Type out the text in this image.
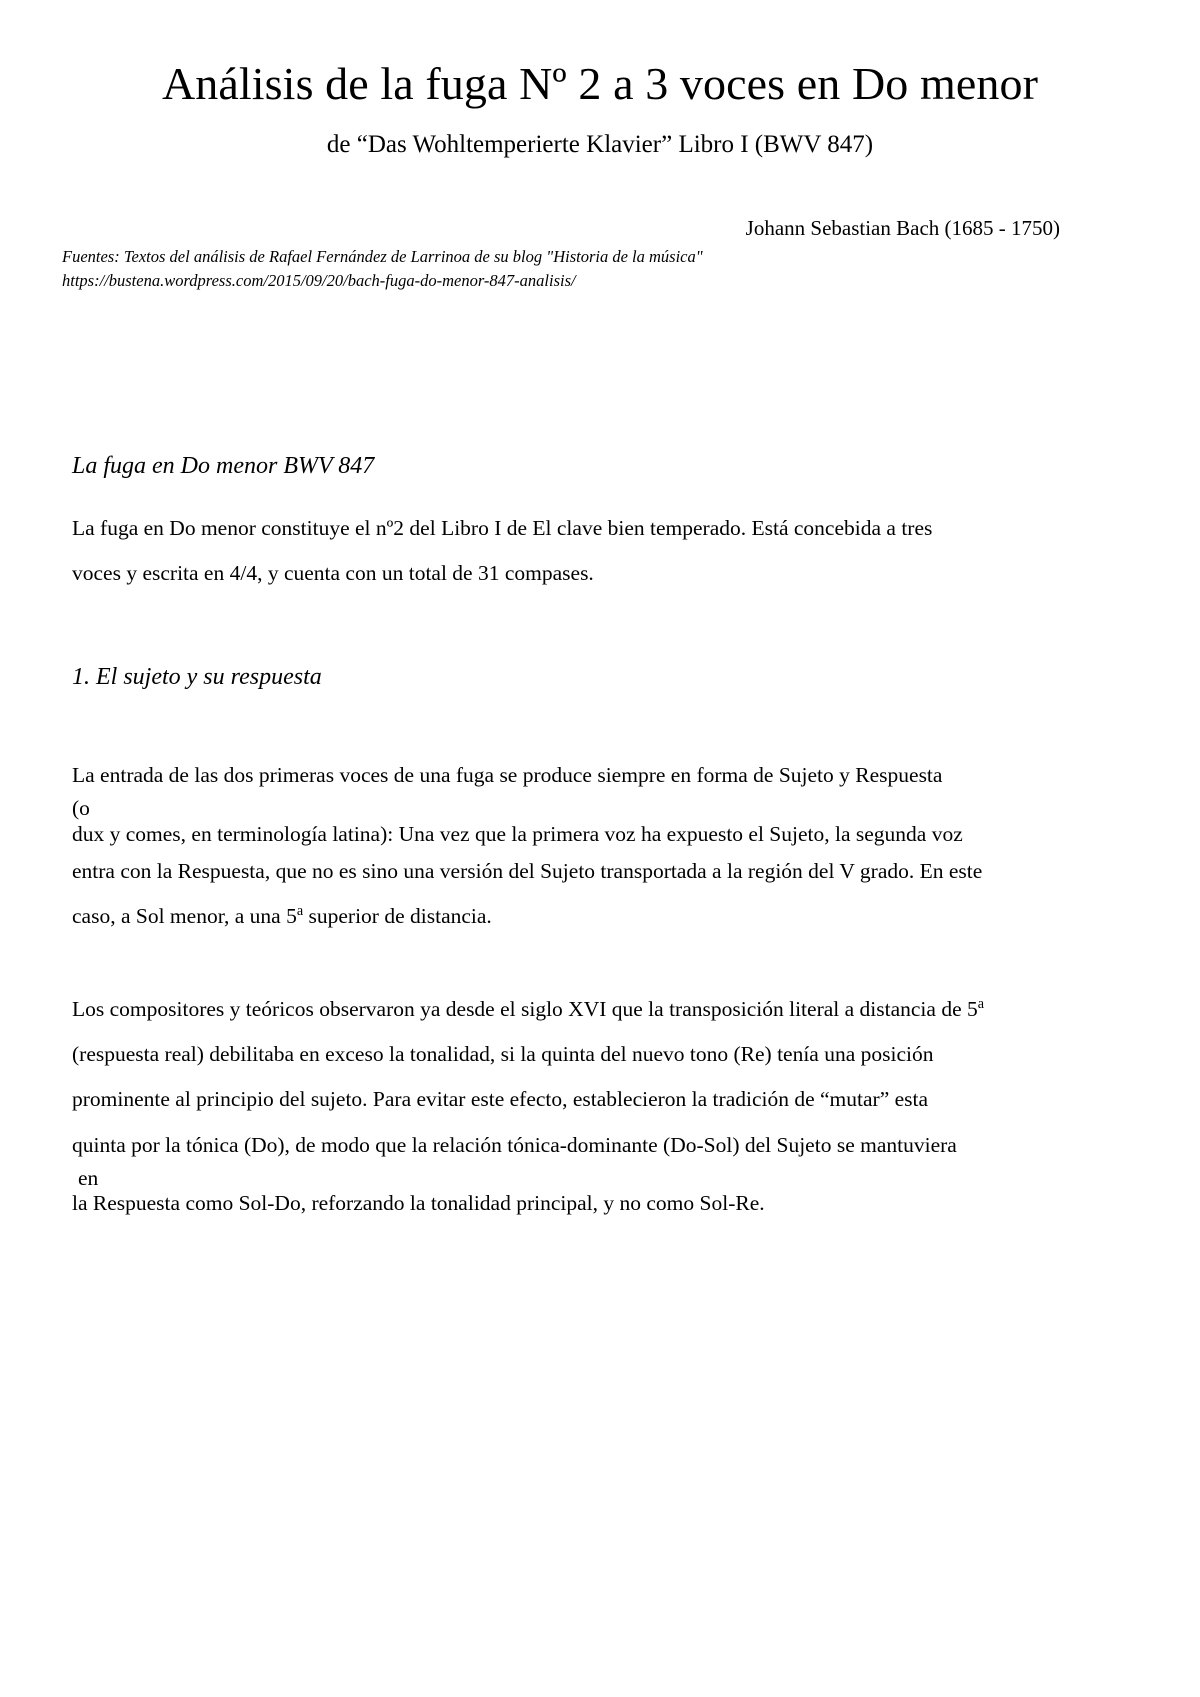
Análisis de la fuga Nº 2 a 3 voces en Do menor
de “Das Wohltemperierte Klavier” Libro I (BWV 847)
Johann Sebastian Bach (1685 - 1750)
Fuentes: Textos del análisis de Rafael Fernández de Larrinoa de su blog "Historia de la música"
https://bustena.wordpress.com/2015/09/20/bach-fuga-do-menor-847-analisis/
La fuga en Do menor BWV 847

La fuga en Do menor constituye el nº2 del Libro I de El clave bien temperado. Está concebida a tres
voces y escrita en 4/4, y cuenta con un total de 31 compases.

1. El sujeto y su respuesta

La entrada de las dos primeras voces de una fuga se produce siempre en forma de Sujeto y Respuesta
(o
dux y comes, en terminología latina): Una vez que la primera voz ha expuesto el Sujeto, la segunda voz
entra con la Respuesta, que no es sino una versión del Sujeto transportada a la región del V grado. En este
caso, a Sol menor, a una 5$^a$ superior de distancia.

Los compositores y teóricos observaron ya desde el siglo XVI que la transposición literal a distancia de 5$^a$
(respuesta real) debilitaba en exceso la tonalidad, si la quinta del nuevo tono (Re) tenía una posición
prominente al principio del sujeto. Para evitar este efecto, establecieron la tradición de “mutar” esta
quinta por la tónica (Do), de modo que la relación tónica-dominante (Do-Sol) del Sujeto se mantuviera
en
la Respuesta como Sol-Do, reforzando la tonalidad principal, y no como Sol-Re.
